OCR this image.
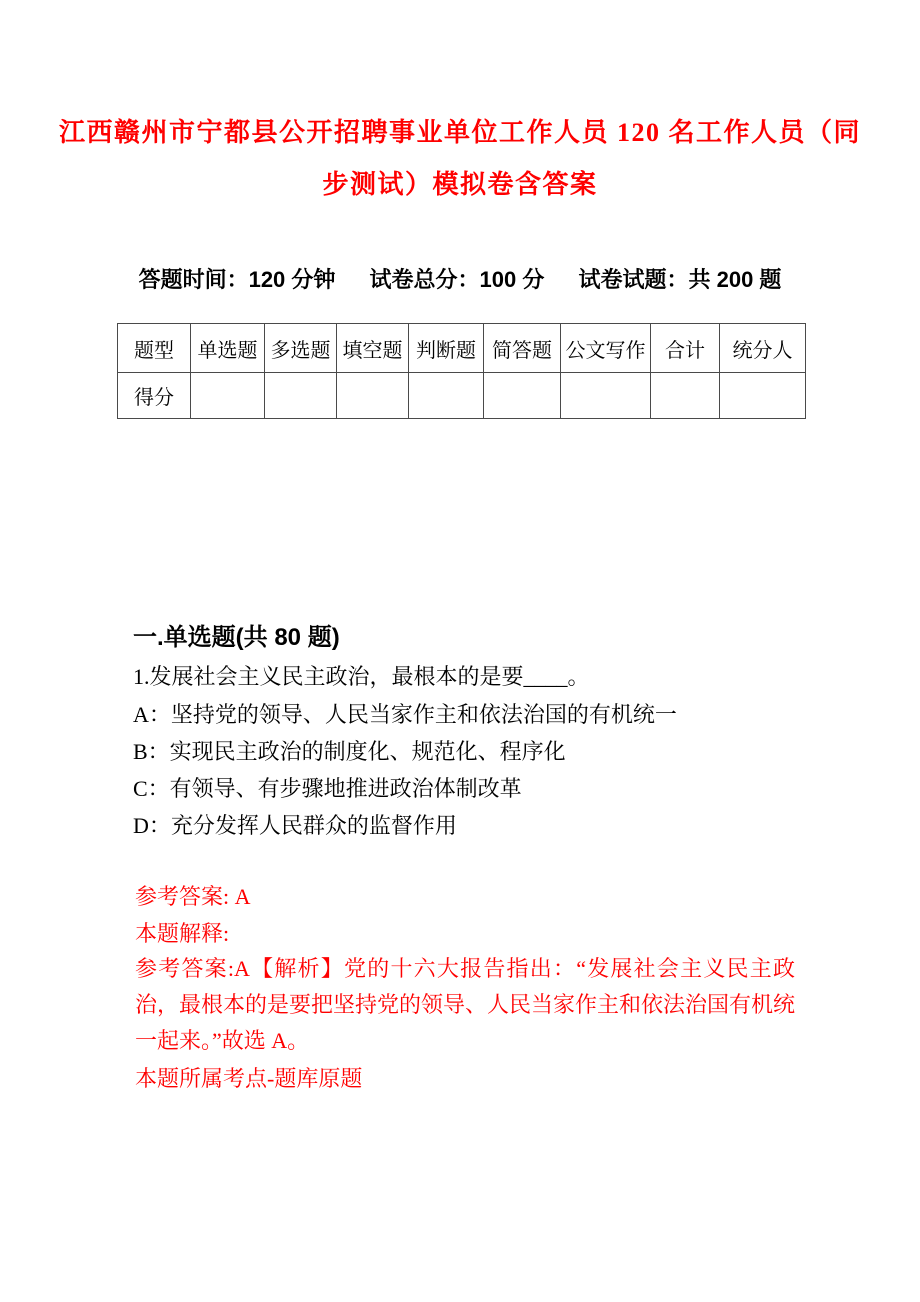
江西赣州市宁都县公开招聘事业单位工作人员 120 名工作人员（同
步测试）模拟卷含答案
答题时间：120 分钟 试卷总分：100 分 试卷试题：共 200 题
题型	单选题	多选题	填空题	判断题	简答题	公文写作	合计	统分人
得分								
一.单选题(共 80 题)
1.发展社会主义民主政治，最根本的是要____。
A：坚持党的领导、人民当家作主和依法治国的有机统一
B：实现民主政治的制度化、规范化、程序化
C：有领导、有步骤地推进政治体制改革
D：充分发挥人民群众的监督作用
参考答案: A
本题解释:
参考答案:A【解析】党的十六大报告指出：“发展社会主义民主政治，最根本的是要把坚持党的领导、人民当家作主和依法治国有机统一起来。”故选 A。
本题所属考点-题库原题
